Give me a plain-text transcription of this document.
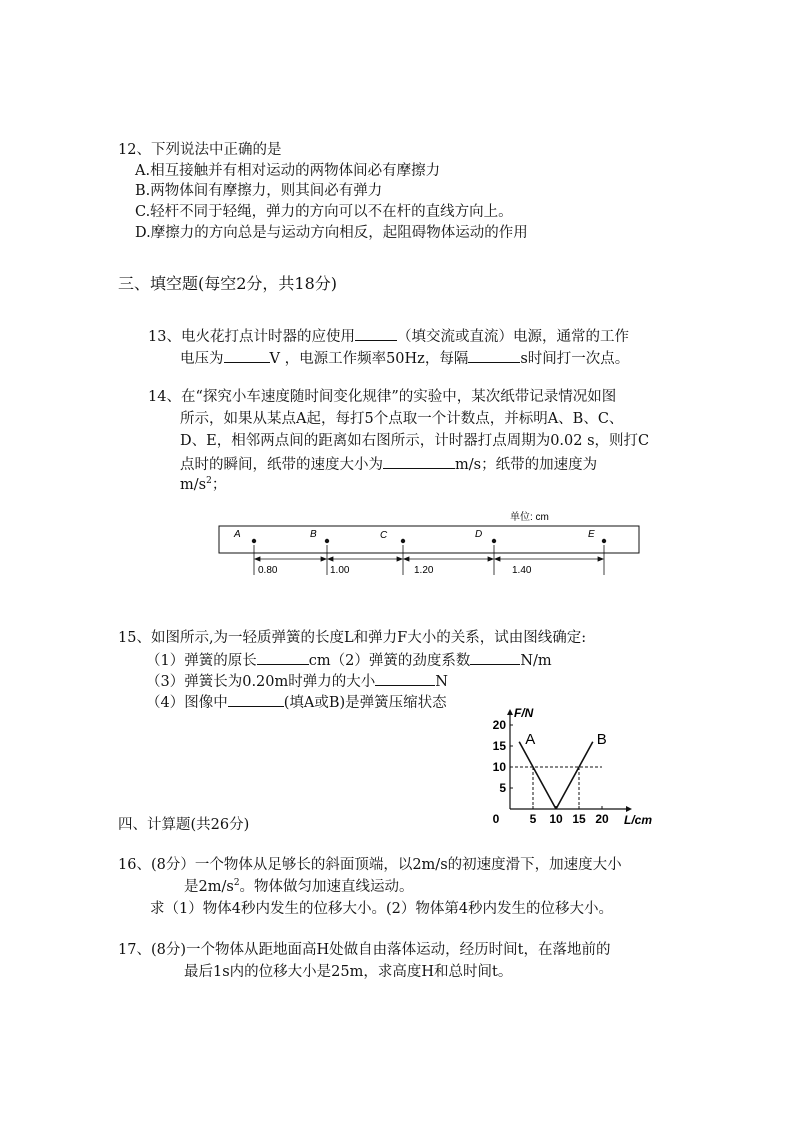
12、下列说法中正确的是
A.相互接触并有相对运动的两物体间必有摩擦力
B.两物体间有摩擦力，则其间必有弹力
C.轻杆不同于轻绳，弹力的方向可以不在杆的直线方向上。
D.摩擦力的方向总是与运动方向相反，起阻碍物体运动的作用
三、填空题(每空2分，共18分)
13、电火花打点计时器的应使用	（填交流或直流）电源，通常的工作
电压为	V ，电源工作频率50Hz，每隔	s时间打一次点。
14、在“探究小车速度随时间变化规律”的实验中，某次纸带记录情况如图
所示，如果从某点A起，每打5个点取一个计数点，并标明A、B、C、
D、E，相邻两点间的距离如右图所示，计时器打点周期为0.02 s，则打C
点时的瞬间，纸带的速度大小为	m/s；纸带的加速度为
$m/s^2$；
单位: cm
A	B	C	D	E
0.80	1.00	1.20	1.40
15、如图所示,为一轻质弹簧的长度L和弹力F大小的关系，试由图线确定:
（1）弹簧的原长	cm（2）弹簧的劲度系数	N/m
（3）弹簧长为0.20m时弹力的大小	N
（4）图像中	(填A或B)是弹簧压缩状态
5
10
15
20
0	5 10 15 20
A	B
F/N
L/cm
四、计算题(共26分)
16、(8分）一个物体从足够长的斜面顶端，以2m/s的初速度滑下，加速度大小
是$2m/s^2$。物体做匀加速直线运动。
求（1）物体4秒内发生的位移大小。(2）物体第4秒内发生的位移大小。
17、(8分)一个物体从距地面高H处做自由落体运动，经历时间t，在落地前的
最后1s内的位移大小是25m，求高度H和总时间t。
